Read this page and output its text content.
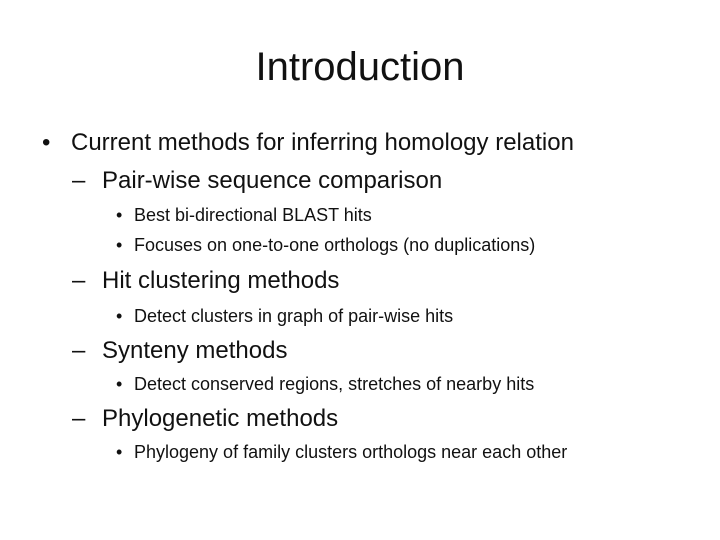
Introduction
• Current methods for inferring homology relation
– Pair-wise sequence comparison
• Best bi-directional BLAST hits
• Focuses on one-to-one orthologs (no duplications)
– Hit clustering methods
• Detect clusters in graph of pair-wise hits
– Synteny methods
• Detect conserved regions, stretches of nearby hits
– Phylogenetic methods
• Phylogeny of family clusters orthologs near each other
